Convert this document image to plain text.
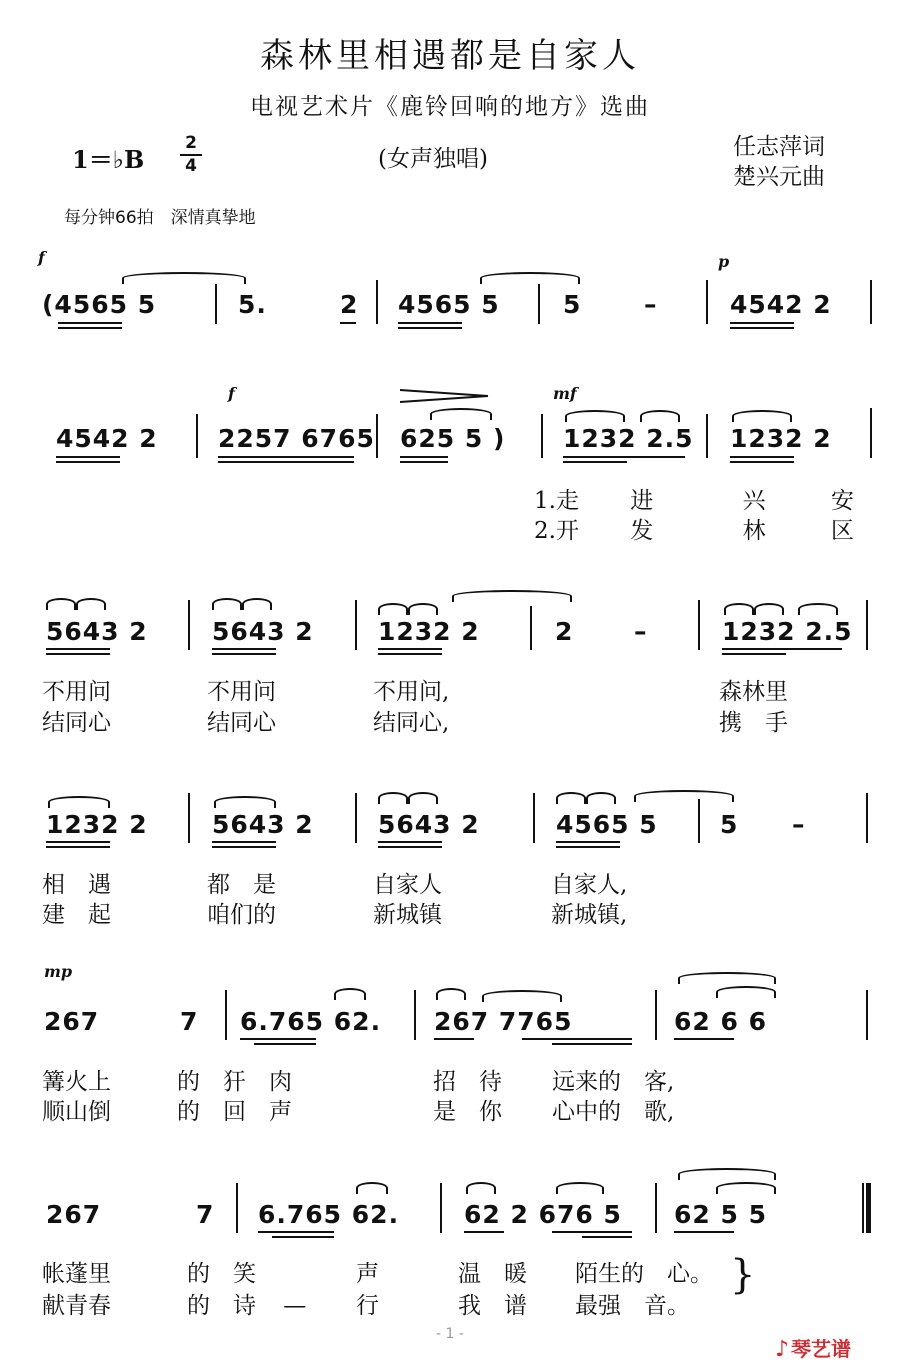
森林里相遇都是自家人
电视艺术片《鹿铃回响的地方》选曲
1＝♭B
2
4	(女声独唱)	任志萍词
楚兴元曲
每分钟66拍　深情真挚地
f	p
(4565 5	5.	2 4565 5	5	–	4542 2
f	mf
4542 2 2257 6765 625 5 ) 1232 2.5 1232 2
1.走 进	兴	安
2.开 发	林	区
5643 2	5643 2	1232 2	2 –	1232 2.5
不用问	不用问	不用问,	森林里
结同心	结同心	结同心,	携　手
1232 2	5643 2	5643 2	4565 5 5 –
相　遇	都　是	自家人	自家人,
建　起	咱们的	新城镇	新城镇,
mp
267	7 6.765 62. 267 7765	62 6 6
篝火上	的　犴　肉	招　待 远来的　客,
顺山倒	的　回　声	是　你 心中的　歌,
267	7 6.765 62.	62 2 676 5 62 5 5
帐蓬里	的　笑	声	温　暖 陌生的　心。
献青春	的　诗 — 行	我　谱 最强　音。
}
- 1 -
♪ 琴艺谱
